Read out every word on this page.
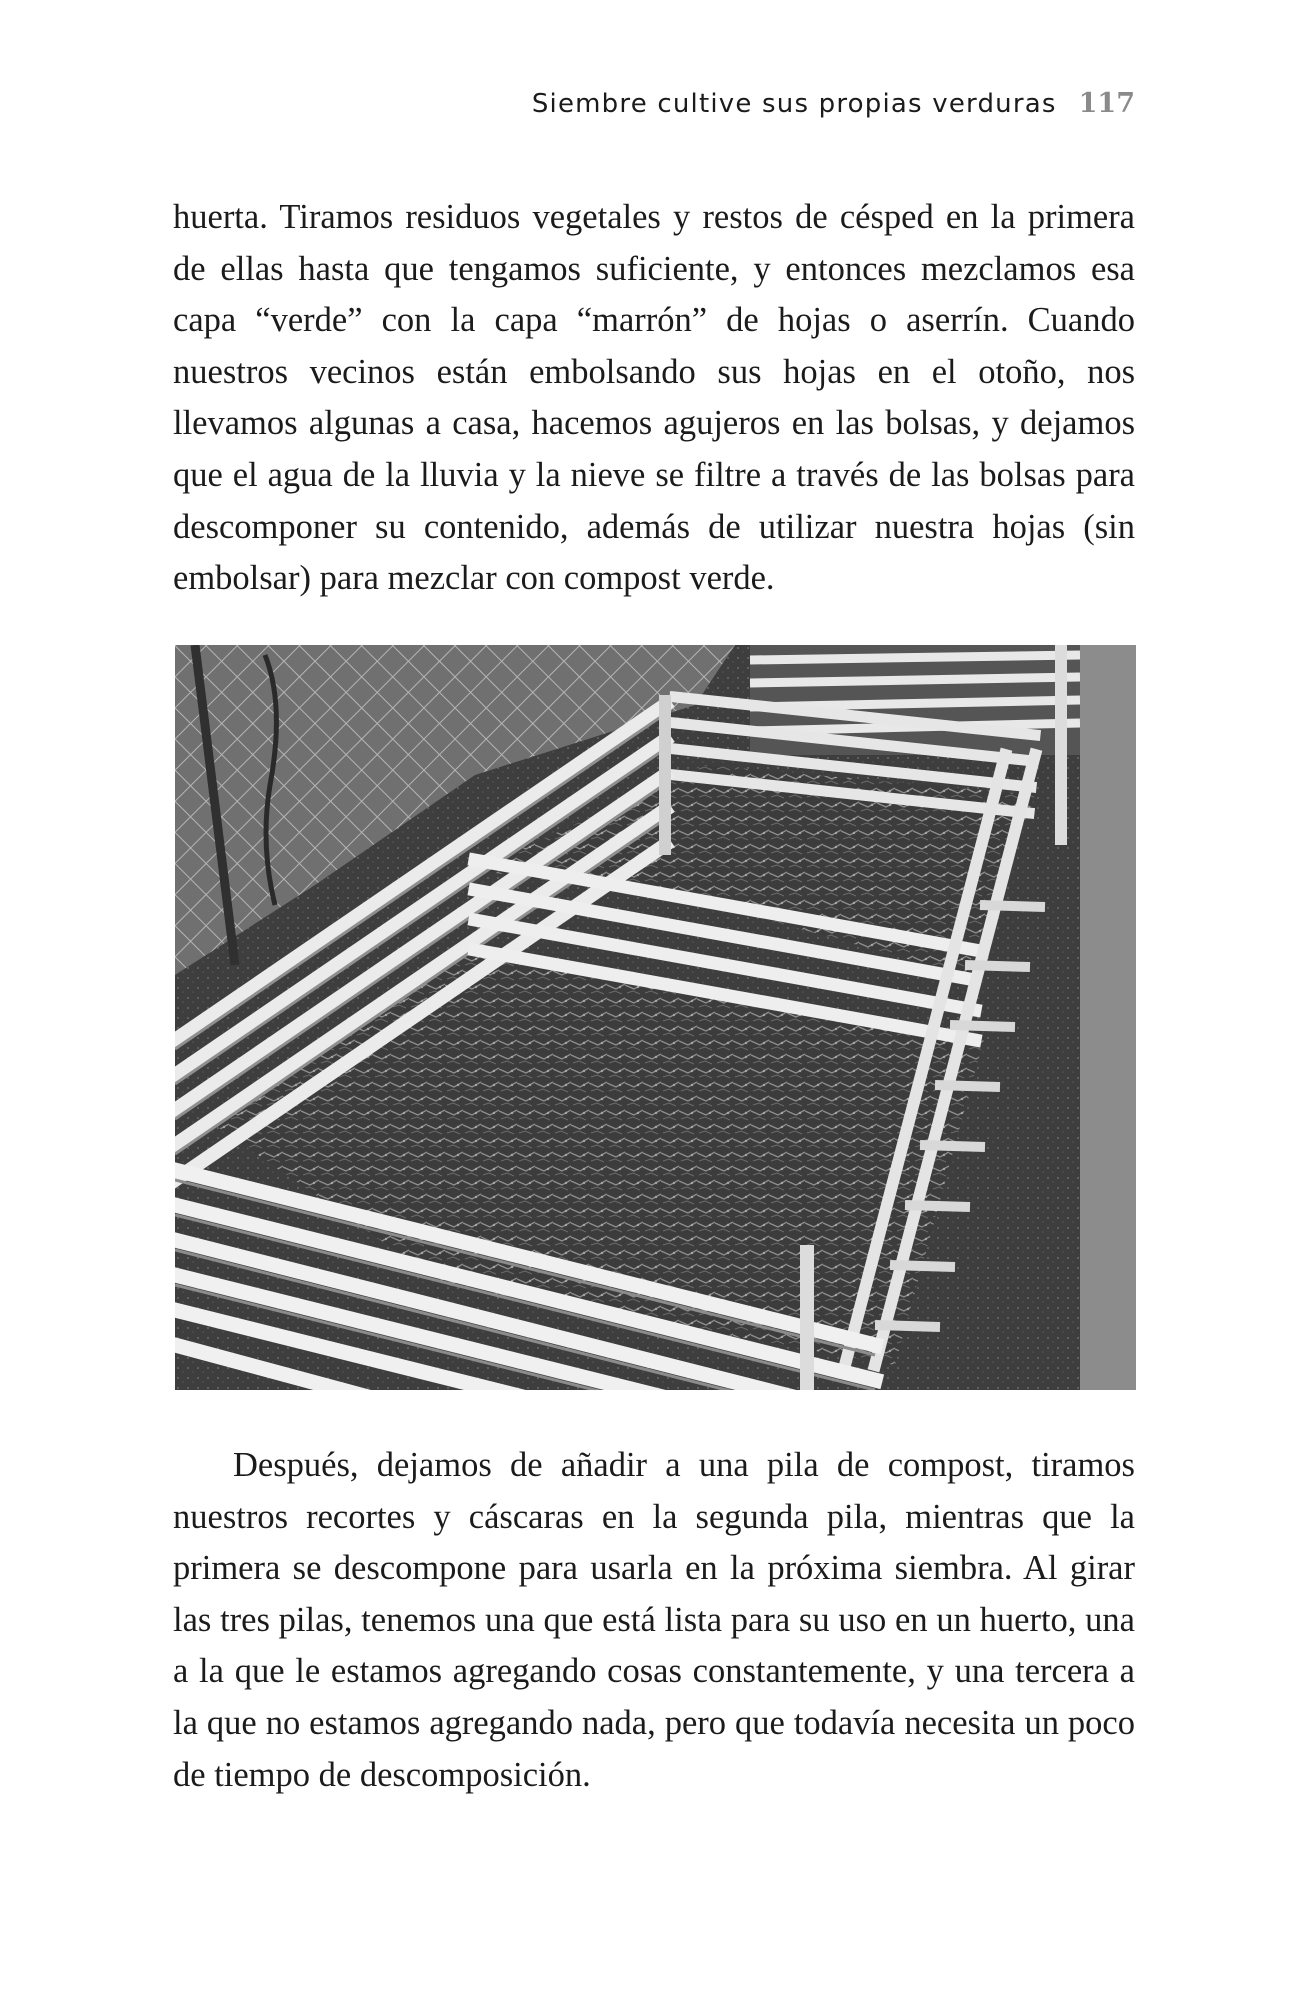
Siembre cultive sus propias verduras 117

huerta. Tiramos residuos vegetales y restos de césped en la primera de ellas hasta que tengamos suficiente, y entonces mezclamos esa capa “verde” con la capa “marrón” de hojas o aserrín. Cuando nuestros vecinos están embolsando sus hojas en el otoño, nos llevamos algunas a casa, hacemos agujeros en las bolsas, y dejamos que el agua de la lluvia y la nieve se filtre a través de las bolsas para descomponer su contenido, además de utilizar nuestra hojas (sin embolsar) para mezclar con compost verde.

Después, dejamos de añadir a una pila de compost, tiramos nuestros recortes y cáscaras en la segunda pila, mientras que la primera se descompone para usarla en la próxima siembra. Al girar las tres pilas, tenemos una que está lista para su uso en un huerto, una a la que le estamos agregando cosas constantemente, y una tercera a la que no estamos agregando nada, pero que todavía necesita un poco de tiempo de descomposición.
